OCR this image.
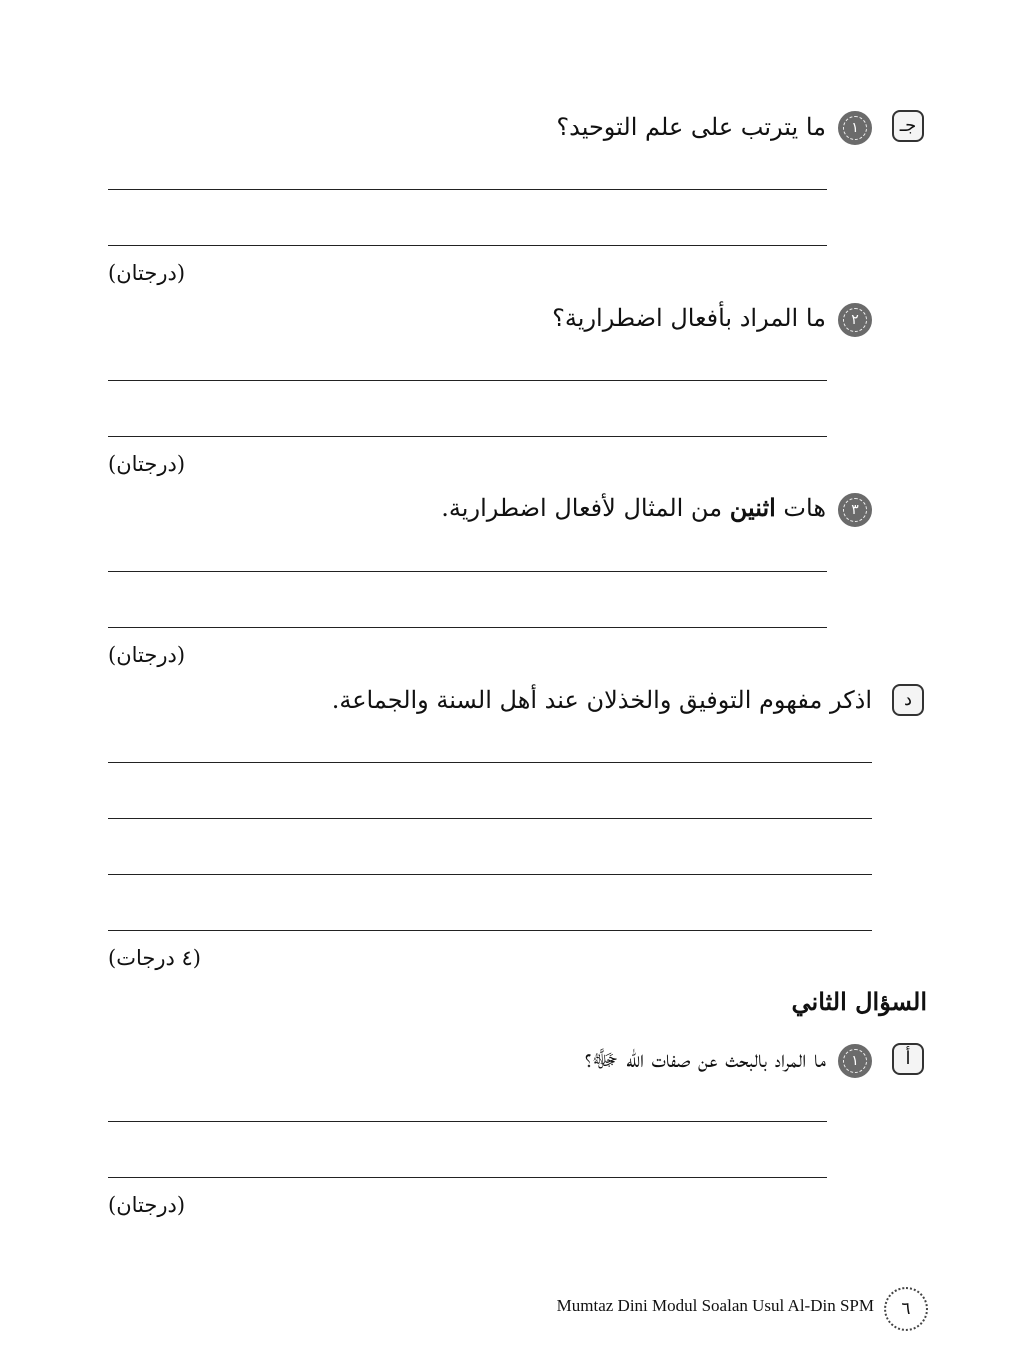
جـ
١
ما يترتب على علم التوحيد؟
(درجتان)
٢
ما المراد بأفعال اضطرارية؟
(درجتان)
٣
هات اثنين من المثال لأفعال اضطرارية.
(درجتان)
د
اذكر مفهوم التوفيق والخذلان عند أهل السنة والجماعة.
(٤ درجات)
السؤال الثاني
أ
١
ما المراد بالبحث عن صفات الله ﷻ؟
(درجتان)
Mumtaz Dini Modul Soalan Usul Al-Din SPM ٦
